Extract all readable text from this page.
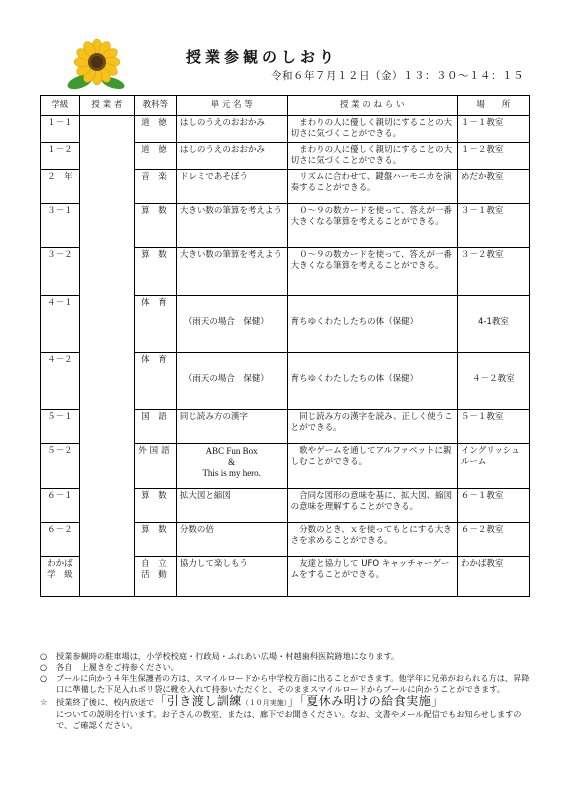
授業参観のしおり
令和６年７月１２日（金）１３：３０～１４：１５
学級	授 業 者	教科等	単 元 名 等	授 業 の ね ら い	場　　所
１－１		道 徳	はしのうえのおおかみ	まわりの人に優しく親切にすることの大切さに気づくことができる。	１－１教室
１－２		道 徳	はしのうえのおおかみ	まわりの人に優しく親切にすることの大切さに気づくことができる。	１－２教室
２　年		音 楽	ドレミであそぼう	リズムに合わせて、鍵盤ハーモニカを演奏することができる。	めだか教室
３－１		算 数	大きい数の筆算を考えよう	０～９の数カードを使って、答えが一番大きくなる筆算を考えることができる。	３－１教室
３－２		算 数	大きい数の筆算を考えよう	０～９の数カードを使って、答えが一番大きくなる筆算を考えることができる。	３－２教室
４－１		体 育	（雨天の場合　保健）	育ちゆくわたしたちの体（保健）	4-1教室

４－２		体 育	（雨天の場合　保健）	育ちゆくわたしたちの体（保健）	４－２教室

５－１		国 語	同じ読み方の漢字	同じ読み方の漢字を読み、正しく使うことができる。	５－１教室
５－２		外国語	ABC Fun Box
&
This is my hero.	歌やゲームを通してアルファベットに親しむことができる。	イングリッシュルーム
６－１		算 数	拡大図と縮図	合同な図形の意味を基に、拡大図、縮図の意味を理解することができる。	６－１教室
６－２		算 数	分数の倍	分数のとき、ｘを使ってもとにする大きさを求めることができる。	６－２教室
わかば学　級		自 立活 動	協力して楽しもう	友達と協力して UFO キャッチャーゲームをすることができる。	わかば教室
○	授業参観時の駐車場は，小学校校庭・行政局・ふれあい広場・村越歯科医院跡地になります。
○	各自　上履きをご持参ください。
○	プールに向かう４年生保護者の方は、スマイルロードから中学校方面に出ることができます。他学年に兄弟がおられる方は、昇降口に準備した下足入れポリ袋に靴を入れて持参いただくと、そのままスマイルロードからプールに向かうことができます。
☆ 授業終了後に、校内放送で「引き渡し訓練（１０月実施）」「夏休み明けの給食実施」
についての説明を行います。お子さんの教室、または、廊下でお聞きください。なお、文書やメール配信でもお知らせしますので、ご確認ください。
